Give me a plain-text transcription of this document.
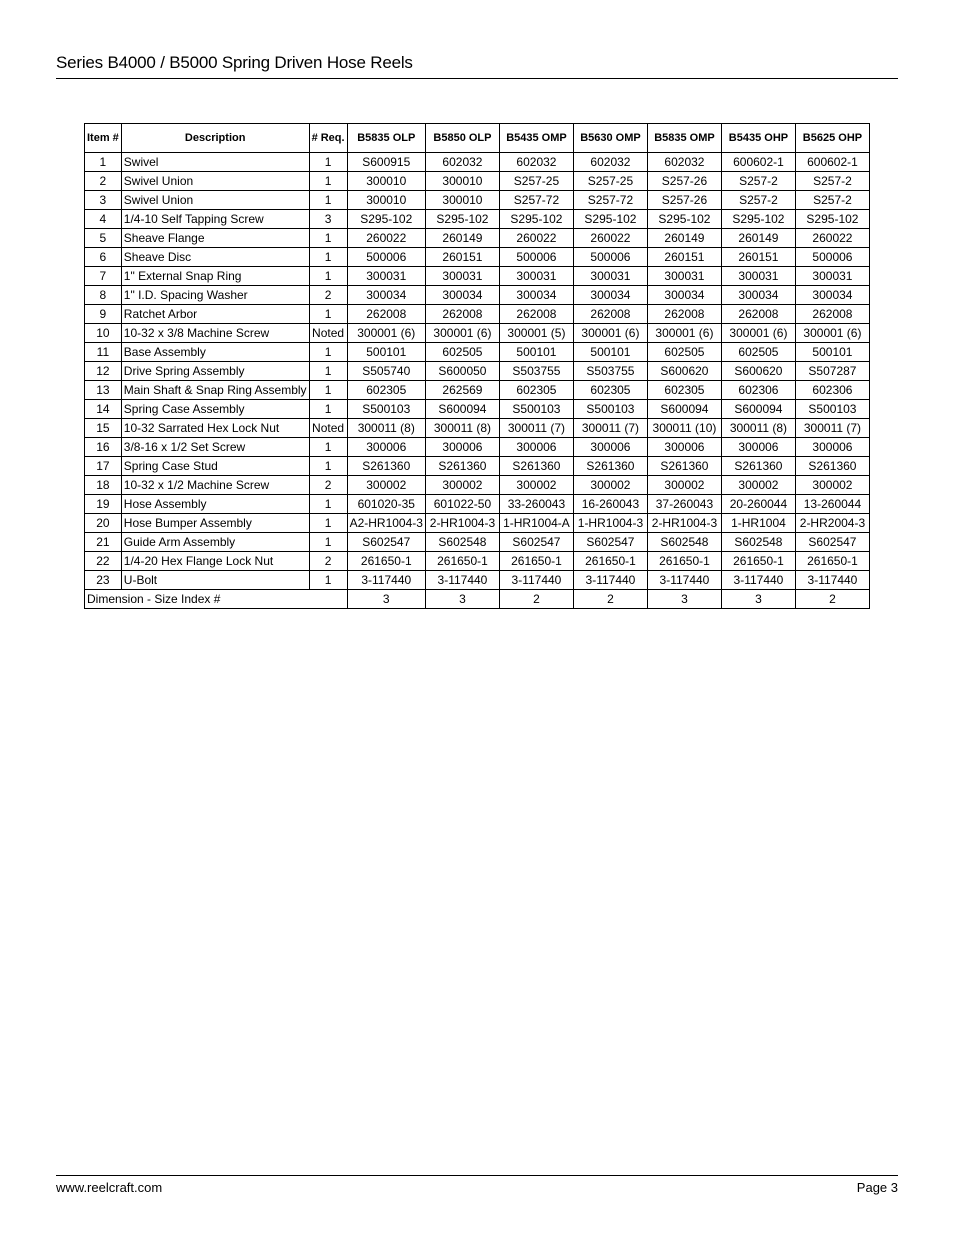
Series B4000 / B5000 Spring Driven Hose Reels
Item #	Description	# Req.	B5835 OLP	B5850 OLP	B5435 OMP	B5630 OMP	B5835 OMP	B5435 OHP	B5625 OHP
1	Swivel	1	S600915	602032	602032	602032	602032	600602-1	600602-1
2	Swivel Union	1	300010	300010	S257-25	S257-25	S257-26	S257-2	S257-2
3	Swivel Union	1	300010	300010	S257-72	S257-72	S257-26	S257-2	S257-2
4	1/4-10 Self Tapping Screw	3	S295-102	S295-102	S295-102	S295-102	S295-102	S295-102	S295-102
5	Sheave Flange	1	260022	260149	260022	260022	260149	260149	260022
6	Sheave Disc	1	500006	260151	500006	500006	260151	260151	500006
7	1" External Snap Ring	1	300031	300031	300031	300031	300031	300031	300031
8	1" I.D. Spacing Washer	2	300034	300034	300034	300034	300034	300034	300034
9	Ratchet Arbor	1	262008	262008	262008	262008	262008	262008	262008
10	10-32 x 3/8 Machine Screw	Noted	300001 (6)	300001 (6)	300001 (5)	300001 (6)	300001 (6)	300001 (6)	300001 (6)
11	Base Assembly	1	500101	602505	500101	500101	602505	602505	500101
12	Drive Spring Assembly	1	S505740	S600050	S503755	S503755	S600620	S600620	S507287
13	Main Shaft & Snap Ring Assembly	1	602305	262569	602305	602305	602305	602306	602306
14	Spring Case Assembly	1	S500103	S600094	S500103	S500103	S600094	S600094	S500103
15	10-32 Sarrated Hex Lock Nut	Noted	300011 (8)	300011 (8)	300011 (7)	300011 (7)	300011 (10)	300011 (8)	300011 (7)
16	3/8-16 x 1/2 Set Screw	1	300006	300006	300006	300006	300006	300006	300006
17	Spring Case Stud	1	S261360	S261360	S261360	S261360	S261360	S261360	S261360
18	10-32 x 1/2 Machine Screw	2	300002	300002	300002	300002	300002	300002	300002
19	Hose Assembly	1	601020-35	601022-50	33-260043	16-260043	37-260043	20-260044	13-260044
20	Hose Bumper Assembly	1	A2-HR1004-3	2-HR1004-3	1-HR1004-A	1-HR1004-3	2-HR1004-3	1-HR1004	2-HR2004-3
21	Guide Arm Assembly	1	S602547	S602548	S602547	S602547	S602548	S602548	S602547
22	1/4-20 Hex Flange Lock Nut	2	261650-1	261650-1	261650-1	261650-1	261650-1	261650-1	261650-1
23	U-Bolt	1	3-117440	3-117440	3-117440	3-117440	3-117440	3-117440	3-117440
Dimension - Size Index #			3	3	2	2	3	3	2
www.reelcraft.com	Page 3
